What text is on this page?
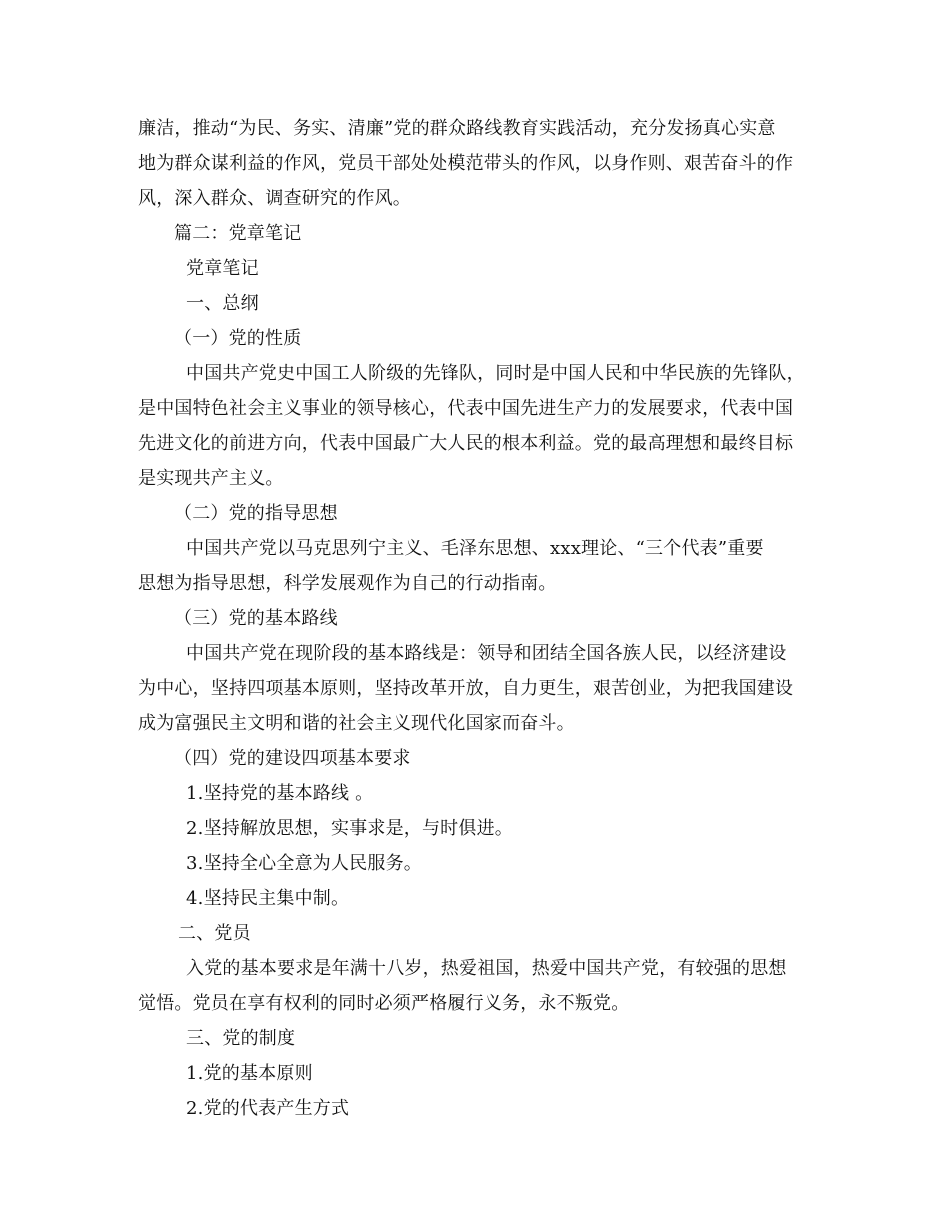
廉洁，推动“为民、务实、清廉”党的群众路线教育实践活动，充分发扬真心实意
地为群众谋利益的作风，党员干部处处模范带头的作风，以身作则、艰苦奋斗的作
风，深入群众、调查研究的作风。
篇二：党章笔记
党章笔记
一、总纲
（一）党的性质
中国共产党史中国工人阶级的先锋队，同时是中国人民和中华民族的先锋队，
是中国特色社会主义事业的领导核心，代表中国先进生产力的发展要求，代表中国
先进文化的前进方向，代表中国最广大人民的根本利益。党的最高理想和最终目标
是实现共产主义。
（二）党的指导思想
中国共产党以马克思列宁主义、毛泽东思想、xxx理论、“三个代表”重要
思想为指导思想，科学发展观作为自己的行动指南。
（三）党的基本路线
中国共产党在现阶段的基本路线是：领导和团结全国各族人民，以经济建设
为中心，坚持四项基本原则，坚持改革开放，自力更生，艰苦创业，为把我国建设
成为富强民主文明和谐的社会主义现代化国家而奋斗。
（四）党的建设四项基本要求
1.坚持党的基本路线 。
2.坚持解放思想，实事求是，与时俱进。
3.坚持全心全意为人民服务。
4.坚持民主集中制。
二、党员
入党的基本要求是年满十八岁，热爱祖国，热爱中国共产党，有较强的思想
觉悟。党员在享有权利的同时必须严格履行义务，永不叛党。
三、党的制度
1.党的基本原则
2.党的代表产生方式
